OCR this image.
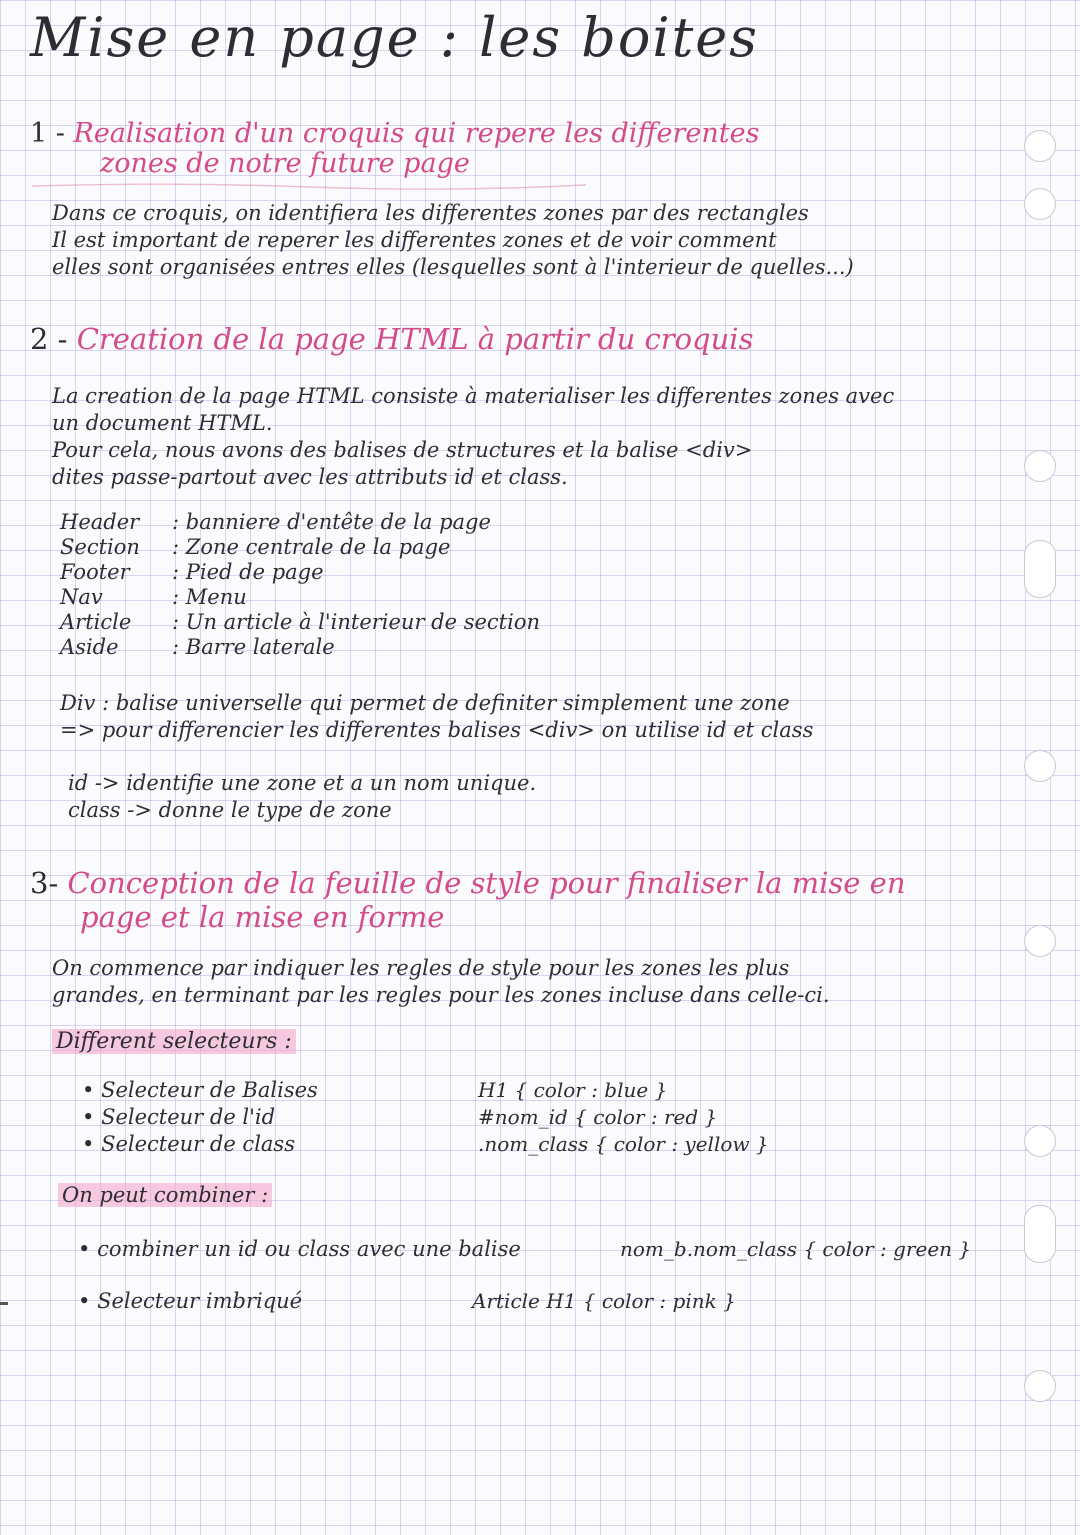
Mise en page : les boites
1 - Realisation d'un croquis qui repere les differentes
zones de notre future page
Dans ce croquis, on identifiera les differentes zones par des rectangles
Il est important de reperer les differentes zones et de voir comment
elles sont organisées entres elles (lesquelles sont à l'interieur de quelles...)
2 - Creation de la page HTML à partir du croquis
La creation de la page HTML consiste à materialiser les differentes zones avec
un document HTML.
Pour cela, nous avons des balises de structures et la balise <div>
dites passe-partout avec les attributs id et class.
Header : banniere d'entête de la page
Section : Zone centrale de la page
Footer : Pied de page
Nav	: Menu
Article : Un article à l'interieur de section
Aside	: Barre laterale
Div : balise universelle qui permet de definiter simplement une zone
=> pour differencier les differentes balises <div> on utilise id et class
id -> identifie une zone et a un nom unique.
class -> donne le type de zone
3- Conception de la feuille de style pour finaliser la mise en
page et la mise en forme
On commence par indiquer les regles de style pour les zones les plus
grandes, en terminant par les regles pour les zones incluse dans celle-ci.
Different selecteurs :
• Selecteur de Balises
• Selecteur de l'id
• Selecteur de class
H1 { color : blue }
#nom_id { color : red }
.nom_class { color : yellow }
On peut combiner :
• combiner un id ou class avec une balise
• Selecteur imbriqué
nom_b.nom_class { color : green }
Article H1 { color : pink }
